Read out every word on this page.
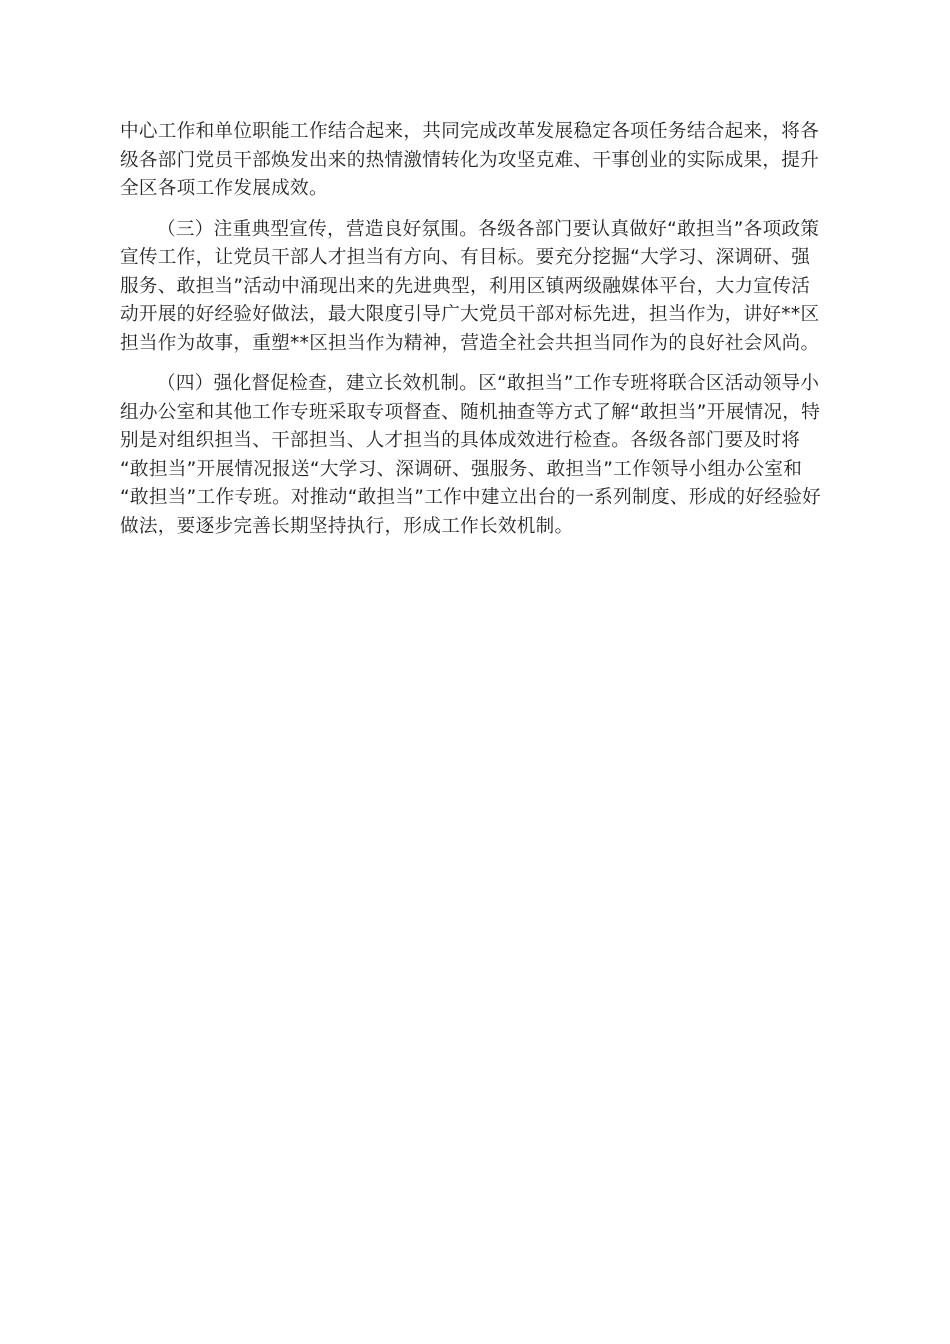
中心工作和单位职能工作结合起来，共同完成改革发展稳定各项任务结合起来，将各
级各部门党员干部焕发出来的热情激情转化为攻坚克难、干事创业的实际成果，提升
全区各项工作发展成效。

（三）注重典型宣传，营造良好氛围。各级各部门要认真做好“敢担当”各项政策
宣传工作，让党员干部人才担当有方向、有目标。要充分挖掘“大学习、深调研、强
服务、敢担当”活动中涌现出来的先进典型，利用区镇两级融媒体平台，大力宣传活
动开展的好经验好做法，最大限度引导广大党员干部对标先进，担当作为，讲好**区
担当作为故事，重塑**区担当作为精神，营造全社会共担当同作为的良好社会风尚。

（四）强化督促检查，建立长效机制。区“敢担当”工作专班将联合区活动领导小
组办公室和其他工作专班采取专项督查、随机抽查等方式了解“敢担当”开展情况，特
别是对组织担当、干部担当、人才担当的具体成效进行检查。各级各部门要及时将
“敢担当”开展情况报送“大学习、深调研、强服务、敢担当”工作领导小组办公室和
“敢担当”工作专班。对推动“敢担当”工作中建立出台的一系列制度、形成的好经验好
做法，要逐步完善长期坚持执行，形成工作长效机制。
